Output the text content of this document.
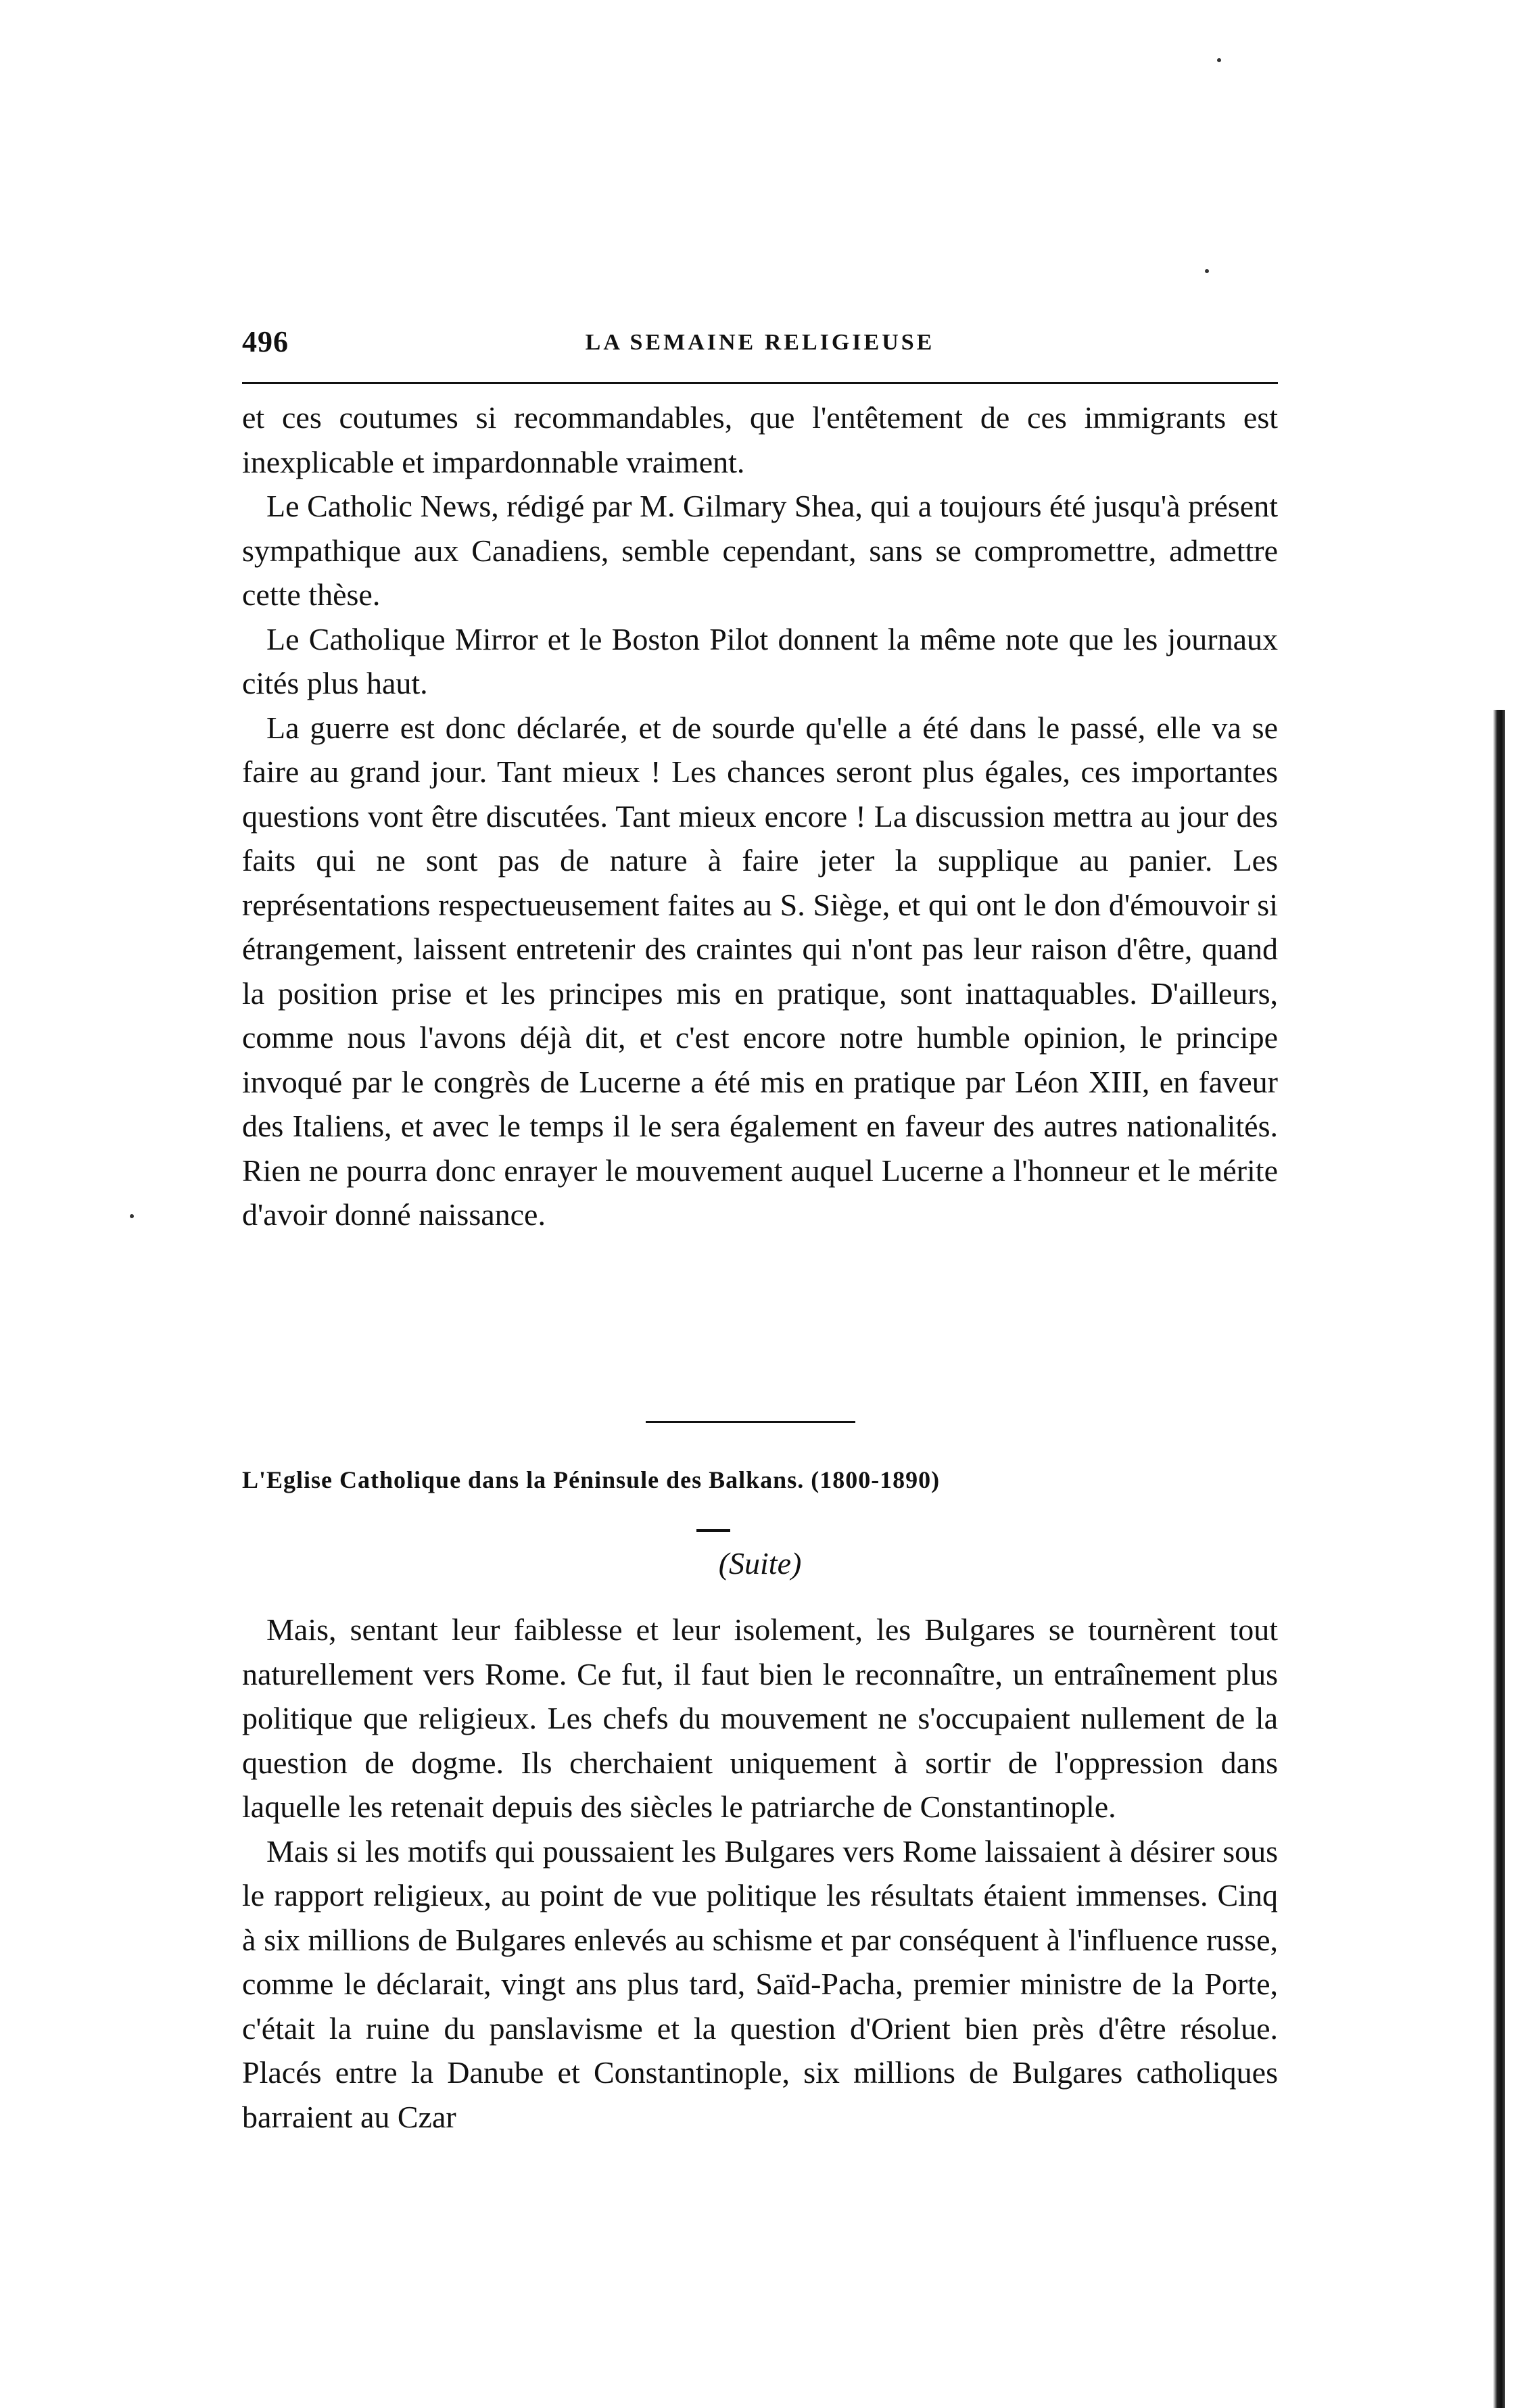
496	LA SEMAINE RELIGIEUSE

et ces coutumes si recommandables, que l'entêtement de ces immigrants est inexplicable et impardonnable vraiment.

Le Catholic News, rédigé par M. Gilmary Shea, qui a toujours été jusqu'à présent sympathique aux Canadiens, semble cependant, sans se compromettre, admettre cette thèse.

Le Catholique Mirror et le Boston Pilot donnent la même note que les journaux cités plus haut.

La guerre est donc déclarée, et de sourde qu'elle a été dans le passé, elle va se faire au grand jour. Tant mieux ! Les chances seront plus égales, ces importantes questions vont être discutées. Tant mieux encore ! La discussion mettra au jour des faits qui ne sont pas de nature à faire jeter la supplique au panier. Les représentations respectueusement faites au S. Siège, et qui ont le don d'émouvoir si étrangement, laissent entretenir des craintes qui n'ont pas leur raison d'être, quand la position prise et les principes mis en pratique, sont inattaquables. D'ailleurs, comme nous l'avons déjà dit, et c'est encore notre humble opinion, le principe invoqué par le congrès de Lucerne a été mis en pratique par Léon XIII, en faveur des Italiens, et avec le temps il le sera également en faveur des autres nationalités. Rien ne pourra donc enrayer le mouvement auquel Lucerne a l'honneur et le mérite d'avoir donné naissance.

L'Eglise Catholique dans la Péninsule des Balkans. (1800-1890)
(Suite)

Mais, sentant leur faiblesse et leur isolement, les Bulgares se tournèrent tout naturellement vers Rome. Ce fut, il faut bien le reconnaître, un entraînement plus politique que religieux. Les chefs du mouvement ne s'occupaient nullement de la question de dogme. Ils cherchaient uniquement à sortir de l'oppression dans laquelle les retenait depuis des siècles le patriarche de Constantinople.

Mais si les motifs qui poussaient les Bulgares vers Rome laissaient à désirer sous le rapport religieux, au point de vue politique les résultats étaient immenses. Cinq à six millions de Bulgares enlevés au schisme et par conséquent à l'influence russe, comme le déclarait, vingt ans plus tard, Saïd-Pacha, premier ministre de la Porte, c'était la ruine du panslavisme et la question d'Orient bien près d'être résolue. Placés entre la Danube et Constantinople, six millions de Bulgares catholiques barraient au Czar
